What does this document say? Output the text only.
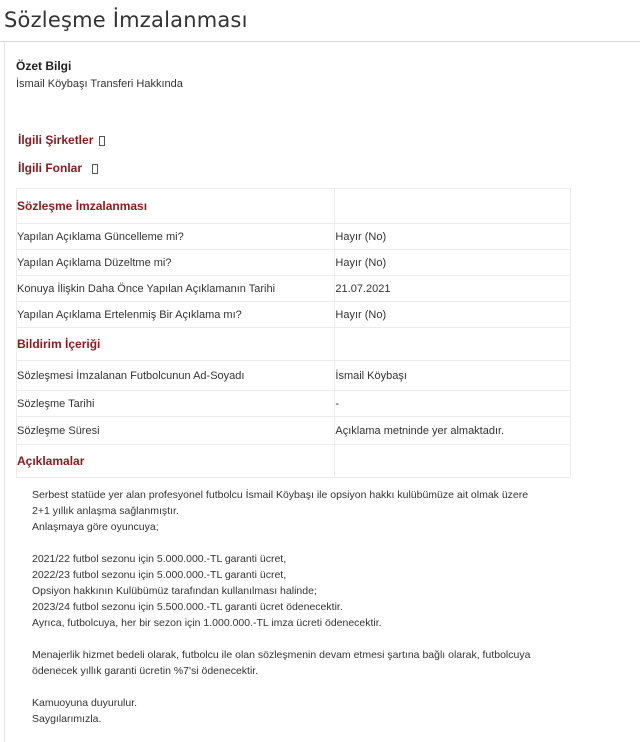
Sözleşme İmzalanması
Özet Bilgi
İsmail Köybaşı Transferi Hakkında
İlgili Şirketler
İlgili Fonlar
Sözleşme İmzalanması	
Yapılan Açıklama Güncelleme mi?	Hayır (No)
Yapılan Açıklama Düzeltme mi?	Hayır (No)
Konuya İlişkin Daha Önce Yapılan Açıklamanın Tarihi	21.07.2021
Yapılan Açıklama Ertelenmiş Bir Açıklama mı?	Hayır (No)
Bildirim İçeriği	
Sözleşmesi İmzalanan Futbolcunun Ad-Soyadı	İsmail Köybaşı
Sözleşme Tarihi	-
Sözleşme Süresi	Açıklama metninde yer almaktadır.
Açıklamalar	

Serbest statüde yer alan profesyonel futbolcu İsmail Köybaşı ile opsiyon hakkı kulübümüze ait olmak üzere

2+1 yıllık anlaşma sağlanmıştır.

Anlaşmaya göre oyuncuya;

2021/22 futbol sezonu için 5.000.000.-TL garanti ücret,

2022/23 futbol sezonu için 5.000.000.-TL garanti ücret,

Opsiyon hakkının Kulübümüz tarafından kullanılması halinde;

2023/24 futbol sezonu için 5.500.000.-TL garanti ücret ödenecektir.

Ayrıca, futbolcuya, her bir sezon için 1.000.000.-TL imza ücreti ödenecektir.

Menajerlik hizmet bedeli olarak, futbolcu ile olan sözleşmenin devam etmesi şartına bağlı olarak, futbolcuya

ödenecek yıllık garanti ücretin %7'si ödenecektir.

Kamuoyuna duyurulur.

Saygılarımızla.
